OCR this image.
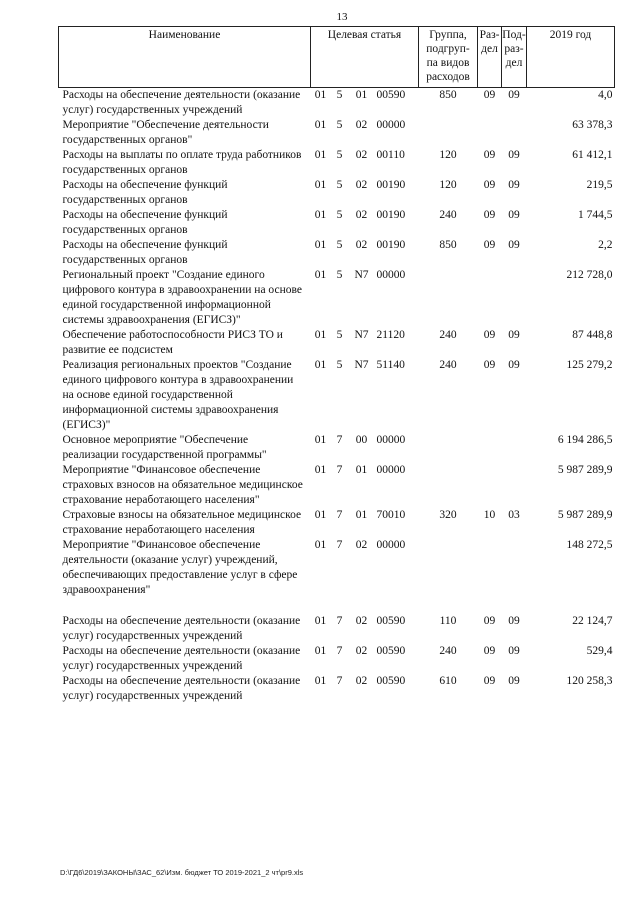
13
Наименование	Целевая статья				Группа, подгруп-па видов расходов	Раз-дел	Под-раз-дел	2019 год
Расходы на обеспечение деятельности (оказание услуг) государственных учреждений	01	5	01	00590	850	09	09	4,0
Мероприятие "Обеспечение деятельности государственных органов"	01	5	02	00000				63 378,3
Расходы на выплаты по оплате труда работников государственных органов	01	5	02	00110	120	09	09	61 412,1
Расходы на обеспечение функций государственных органов	01	5	02	00190	120	09	09	219,5
Расходы на обеспечение функций государственных органов	01	5	02	00190	240	09	09	1 744,5
Расходы на обеспечение функций государственных органов	01	5	02	00190	850	09	09	2,2
Региональный проект "Создание единого цифрового контура в здравоохранении на основе единой государственной информационной системы здравоохранения (ЕГИСЗ)"	01	5	N7	00000				212 728,0
Обеспечение работоспособности РИСЗ ТО и развитие ее подсистем	01	5	N7	21120	240	09	09	87 448,8
Реализация региональных проектов "Создание единого цифрового контура в здравоохранении на основе единой государственной информационной системы здравоохранения (ЕГИСЗ)"	01	5	N7	51140	240	09	09	125 279,2
Основное мероприятие "Обеспечение реализации государственной программы"	01	7	00	00000				6 194 286,5
Мероприятие "Финансовое обеспечение страховых взносов на обязательное медицинское страхование неработающего населения"	01	7	01	00000				5 987 289,9
Страховые взносы на обязательное медицинское страхование неработающего населения	01	7	01	70010	320	10	03	5 987 289,9
Мероприятие "Финансовое обеспечение деятельности (оказание услуг) учреждений, обеспечивающих предоставление услуг в сфере здравоохранения"	01	7	02	00000				148 272,5

Расходы на обеспечение деятельности (оказание услуг) государственных учреждений	01	7	02	00590	110	09	09	22 124,7
Расходы на обеспечение деятельности (оказание услуг) государственных учреждений	01	7	02	00590	240	09	09	529,4
Расходы на обеспечение деятельности (оказание услуг) государственных учреждений	01	7	02	00590	610	09	09	120 258,3
D:\ГД6\2019\ЗАКОНЫ\ЗАС_62\Изм. бюджет ТО 2019-2021_2 чт\pr9.xls
